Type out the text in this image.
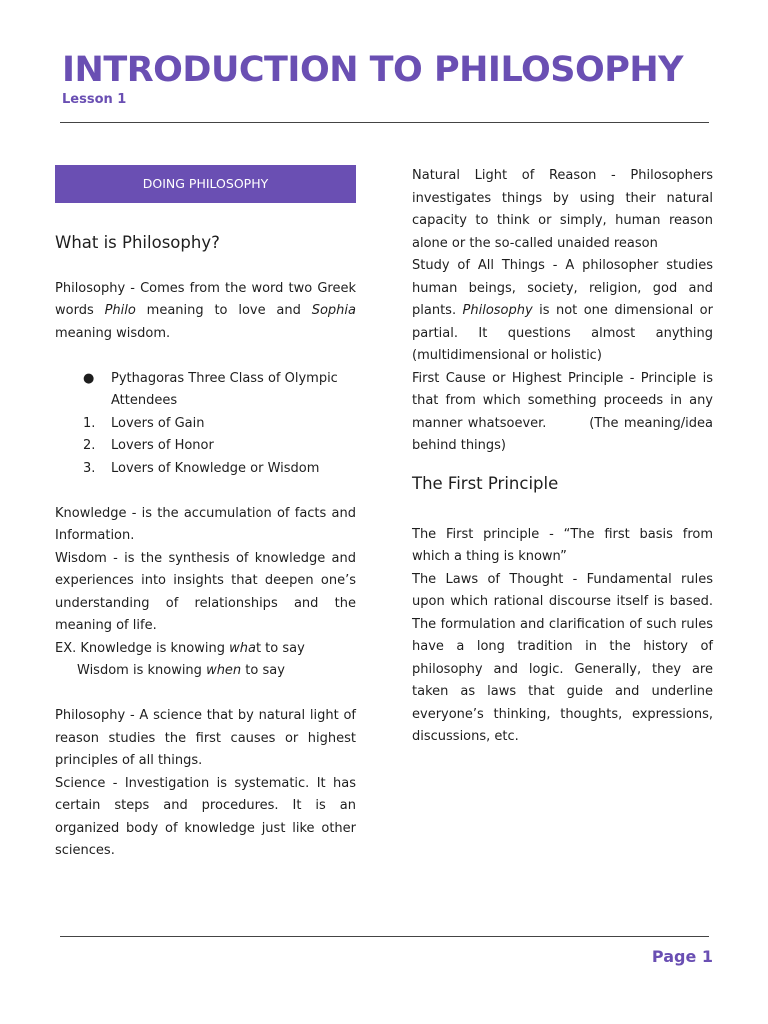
INTRODUCTION TO PHILOSOPHY
Lesson 1
DOING PHILOSOPHY
What is Philosophy?

Philosophy - Comes from the word two Greek words Philo meaning to love and Sophia meaning wisdom.

● Pythagoras Three Class of Olympic Attendees
1. Lovers of Gain
2. Lovers of Honor
3. Lovers of Knowledge or Wisdom

Knowledge - is the accumulation of facts and Information.

Wisdom - is the synthesis of knowledge and experiences into insights that deepen one’s understanding of relationships and the meaning of life.

EX. Knowledge is knowing what to say

Wisdom is knowing when to say

Philosophy - A science that by natural light of reason studies the first causes or highest principles of all things.

Science - Investigation is systematic. It has certain steps and procedures. It is an organized body of knowledge just like other sciences.

Natural Light of Reason - Philosophers investigates things by using their natural capacity to think or simply, human reason alone or the so-called unaided reason

Study of All Things - A philosopher studies human beings, society, religion, god and plants. Philosophy is not one dimensional or partial. It questions almost anything (multidimensional or holistic)

First Cause or Highest Principle - Principle is that from which something proceeds in any manner whatsoever.        (The meaning/idea behind things)

The First Principle

The First principle - “The first basis from which a thing is known”

The Laws of Thought - Fundamental rules upon which rational discourse itself is based. The formulation and clarification of such rules have a long tradition in the history of philosophy and logic. Generally, they are taken as laws that guide and underline everyone’s thinking, thoughts, expressions, discussions, etc.

Page 1
